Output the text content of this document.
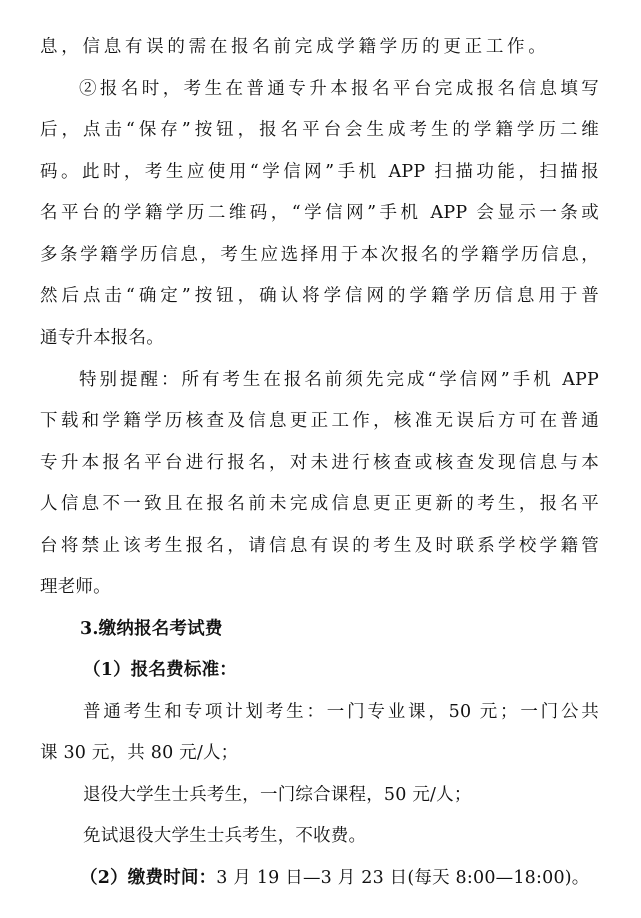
息，信息有误的需在报名前完成学籍学历的更正工作。
②报名时，考生在普通专升本报名平台完成报名信息填写
后，点击“保存”按钮，报名平台会生成考生的学籍学历二维
码。此时，考生应使用“学信网”手机 APP 扫描功能，扫描报
名平台的学籍学历二维码，“学信网”手机 APP 会显示一条或
多条学籍学历信息，考生应选择用于本次报名的学籍学历信息，
然后点击“确定”按钮，确认将学信网的学籍学历信息用于普
通专升本报名。
特别提醒：所有考生在报名前须先完成“学信网”手机 APP
下载和学籍学历核查及信息更正工作，核准无误后方可在普通
专升本报名平台进行报名，对未进行核查或核查发现信息与本
人信息不一致且在报名前未完成信息更正更新的考生，报名平
台将禁止该考生报名，请信息有误的考生及时联系学校学籍管
理老师。
3.缴纳报名考试费
（1）报名费标准：
普通考生和专项计划考生：一门专业课，50 元；一门公共
课 30 元，共 80 元/人；
退役大学生士兵考生，一门综合课程，50 元/人；
免试退役大学生士兵考生，不收费。
（2）缴费时间：3 月 19 日—3 月 23 日(每天 8:00—18:00)。
